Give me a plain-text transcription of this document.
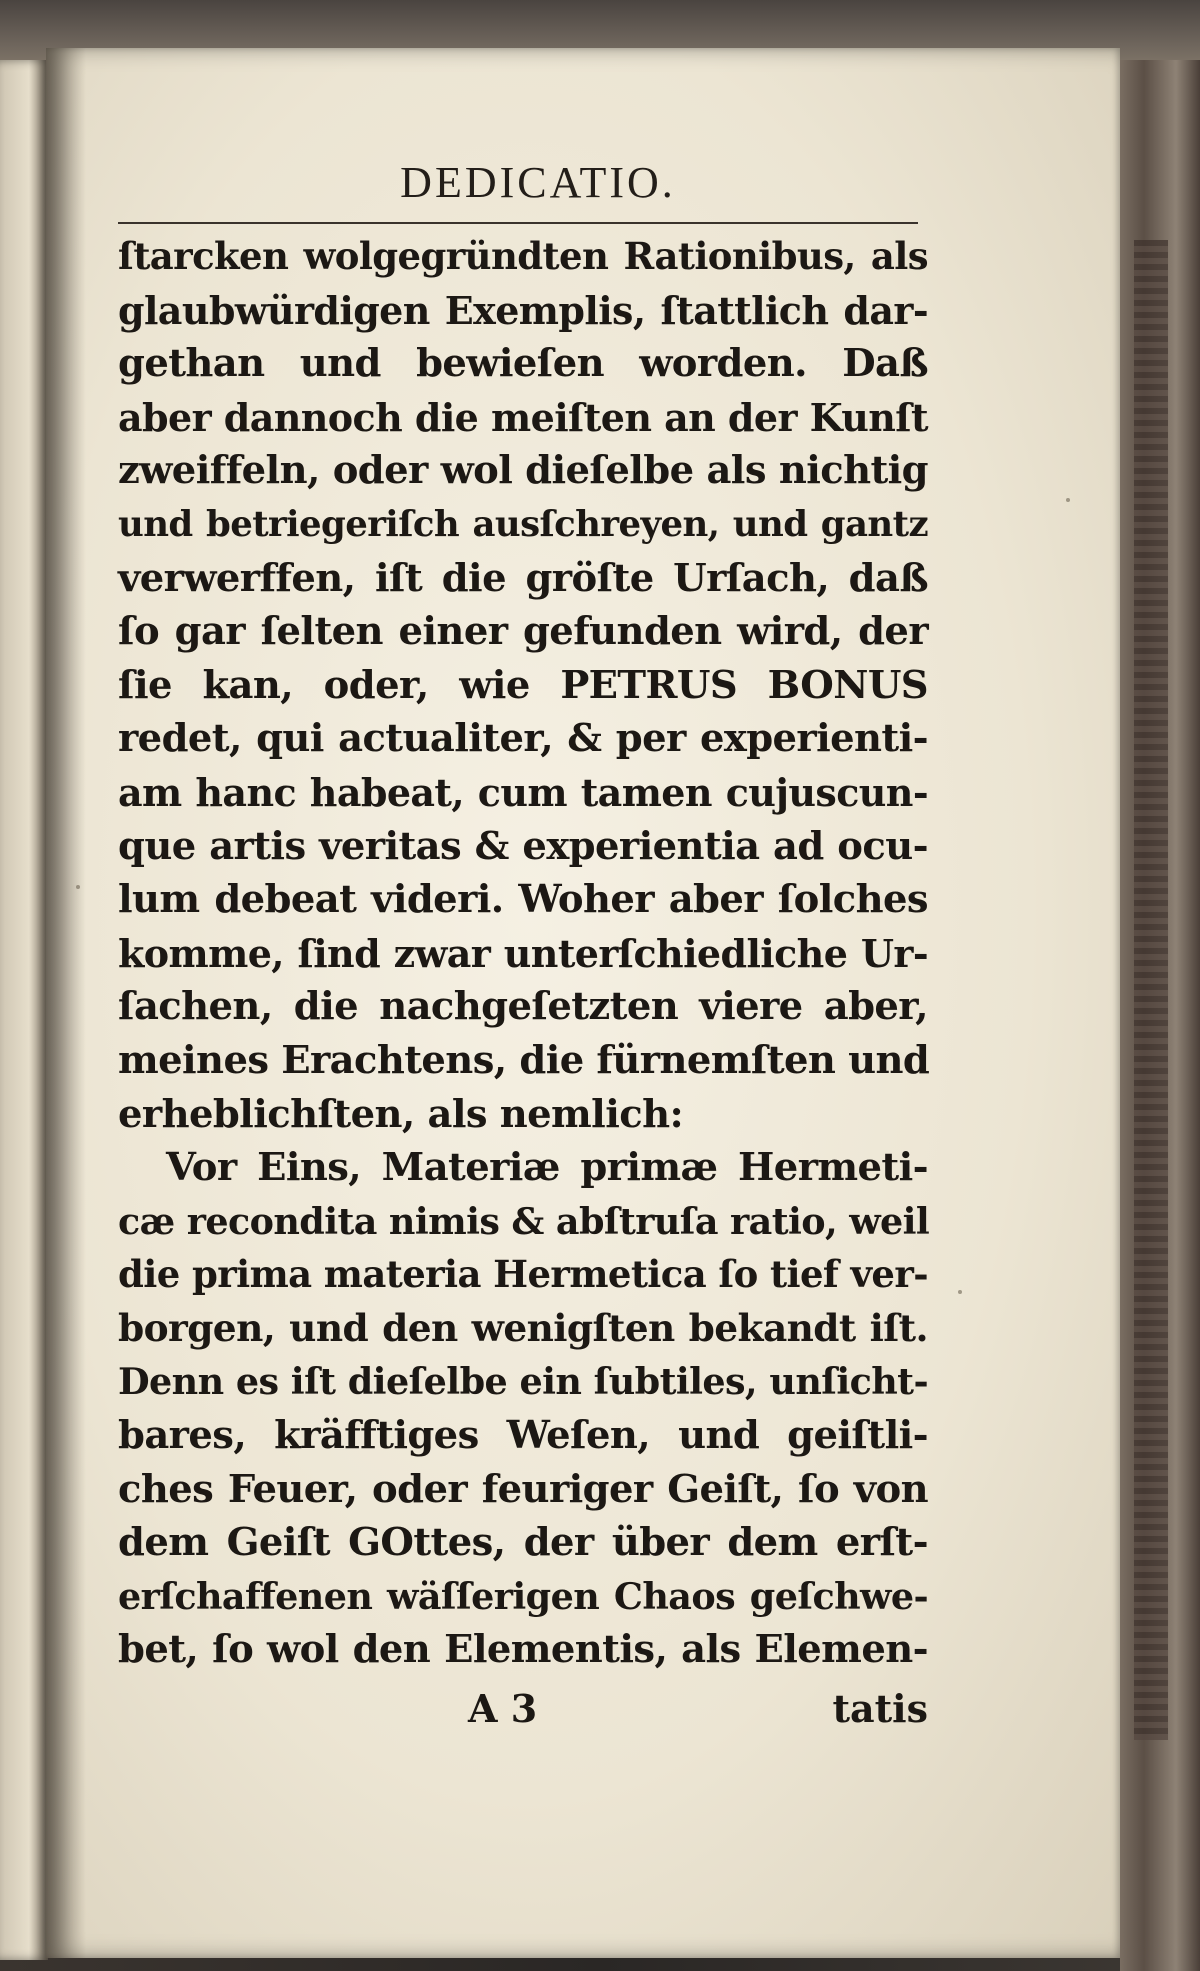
DEDICATIO.
ſtarcken wolgegründten Rationibus, als
glaubwürdigen Exemplis, ſtattlich dar-
gethan und bewieſen worden. Daß
aber dannoch die meiſten an der Kunſt
zweiffeln, oder wol dieſelbe als nichtig
und betriegeriſch ausſchreyen, und gantz
verwerffen, iſt die gröſte Urſach, daß
ſo gar ſelten einer gefunden wird, der
ſie kan, oder, wie PETRUS BONUS
redet, qui actualiter, & per experienti-
am hanc habeat, cum tamen cujuscun-
que artis veritas & experientia ad ocu-
lum debeat videri. Woher aber ſolches
komme, ſind zwar unterſchiedliche Ur-
ſachen, die nachgeſetzten viere aber,
meines Erachtens, die fürnemſten und
erheblichſten, als nemlich:
Vor Eins, Materiæ primæ Hermeti-
cæ recondita nimis & abſtruſa ratio, weil
die prima materia Hermetica ſo tief ver-
borgen, und den wenigſten bekandt iſt.
Denn es iſt dieſelbe ein ſubtiles, unſicht-
bares, kräfftiges Weſen, und geiſtli-
ches Feuer, oder feuriger Geiſt, ſo von
dem Geiſt GOttes, der über dem erſt-
erſchaffenen wäſſerigen Chaos geſchwe-
bet, ſo wol den Elementis, als Elemen-
A 3	tatis
